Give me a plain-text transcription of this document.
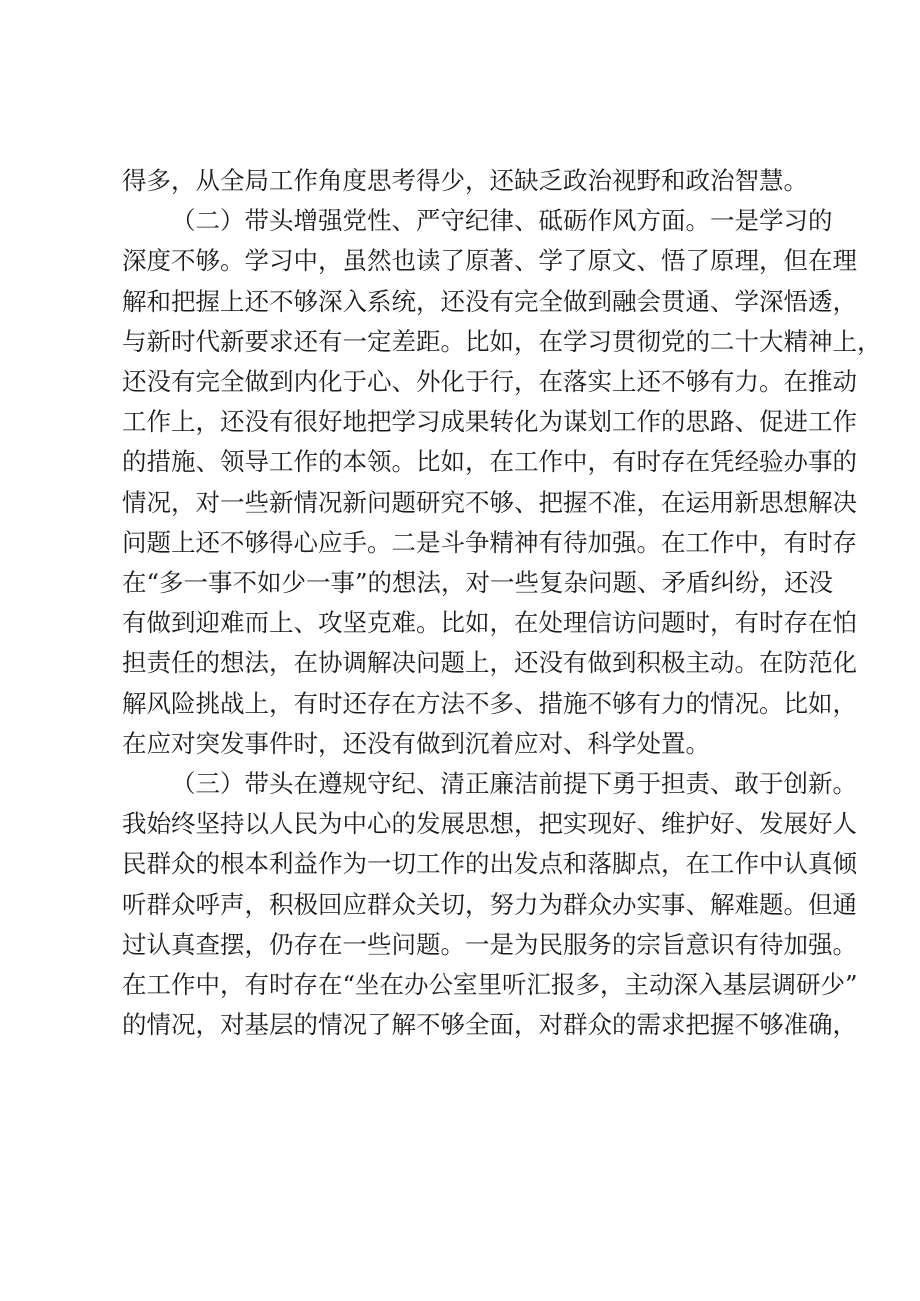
得多，从全局工作角度思考得少，还缺乏政治视野和政治智慧。

（二）带头增强党性、严守纪律、砥砺作风方面。一是学习的
深度不够。学习中，虽然也读了原著、学了原文、悟了原理，但在理
解和把握上还不够深入系统，还没有完全做到融会贯通、学深悟透，
与新时代新要求还有一定差距。比如，在学习贯彻党的二十大精神上，
还没有完全做到内化于心、外化于行，在落实上还不够有力。在推动
工作上，还没有很好地把学习成果转化为谋划工作的思路、促进工作
的措施、领导工作的本领。比如，在工作中，有时存在凭经验办事的
情况，对一些新情况新问题研究不够、把握不准，在运用新思想解决
问题上还不够得心应手。二是斗争精神有待加强。在工作中，有时存
在“多一事不如少一事”的想法，对一些复杂问题、矛盾纠纷，还没
有做到迎难而上、攻坚克难。比如，在处理信访问题时，有时存在怕
担责任的想法，在协调解决问题上，还没有做到积极主动。在防范化
解风险挑战上，有时还存在方法不多、措施不够有力的情况。比如，
在应对突发事件时，还没有做到沉着应对、科学处置。

（三）带头在遵规守纪、清正廉洁前提下勇于担责、敢于创新。
我始终坚持以人民为中心的发展思想，把实现好、维护好、发展好人
民群众的根本利益作为一切工作的出发点和落脚点，在工作中认真倾
听群众呼声，积极回应群众关切，努力为群众办实事、解难题。但通
过认真查摆，仍存在一些问题。一是为民服务的宗旨意识有待加强。
在工作中，有时存在“坐在办公室里听汇报多，主动深入基层调研少”
的情况，对基层的情况了解不够全面，对群众的需求把握不够准确，
